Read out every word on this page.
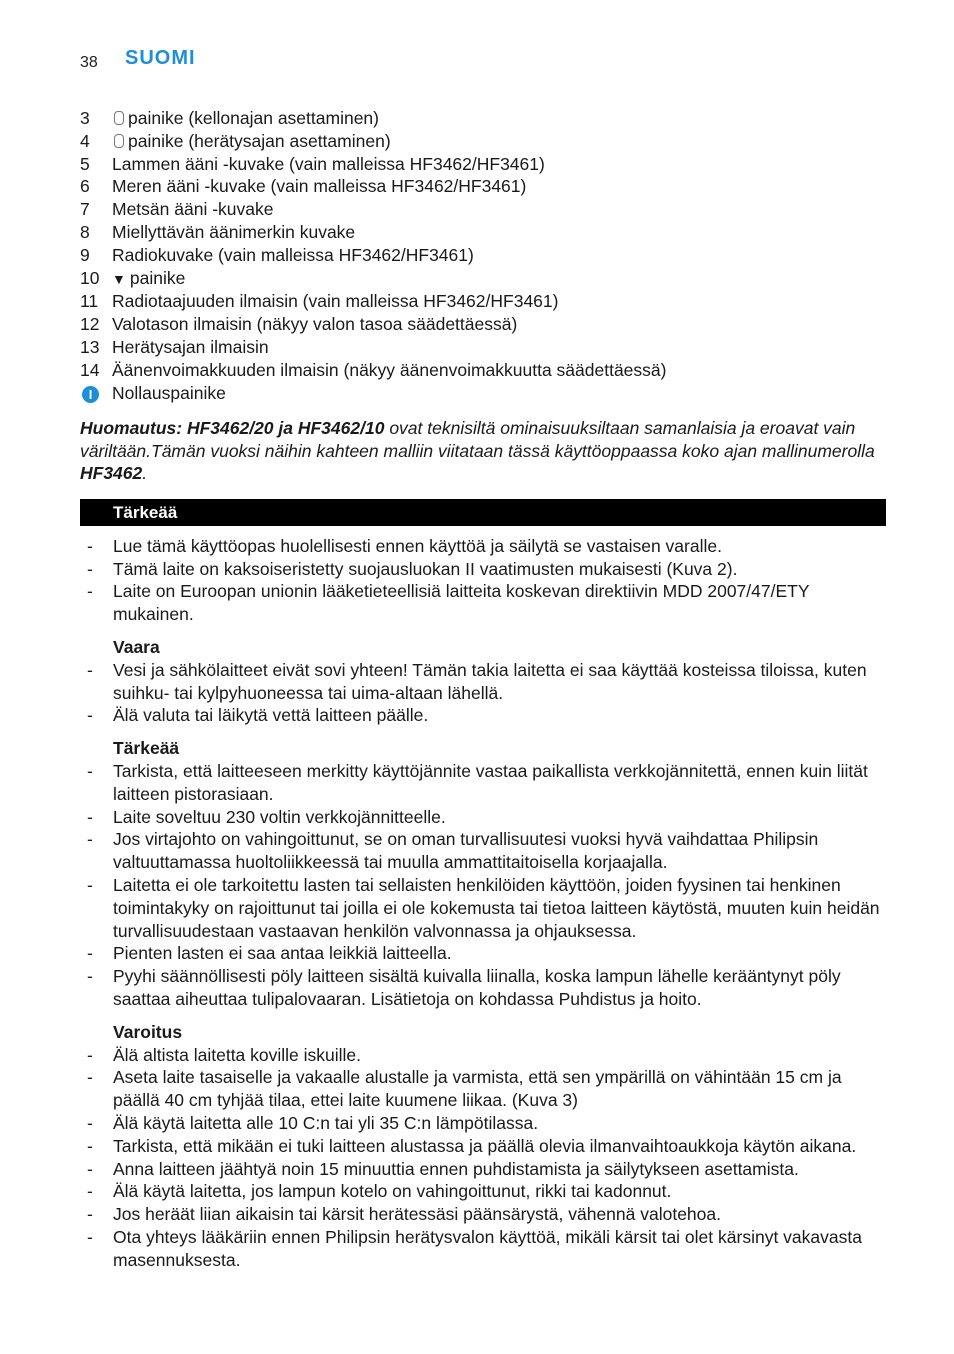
38 SUOMI
3	painike (kellonajan asettaminen)
4	painike (herätysajan asettaminen)
5	Lammen ääni -kuvake (vain malleissa HF3462/HF3461)
6	Meren ääni -kuvake (vain malleissa HF3462/HF3461)
7	Metsän ääni -kuvake
8	Miellyttävän äänimerkin kuvake
9	Radiokuvake (vain malleissa HF3462/HF3461)
10 ▼ painike
11 Radiotaajuuden ilmaisin (vain malleissa HF3462/HF3461)
12 Valotason ilmaisin (näkyy valon tasoa säädettäessä)
13 Herätysajan ilmaisin
14 Äänenvoimakkuuden ilmaisin (näkyy äänenvoimakkuutta säädettäessä)
I	Nollauspainike
Huomautus: HF3462/20 ja HF3462/10 ovat teknisiltä ominaisuuksiltaan samanlaisia ja eroavat vain väriltään.Tämän vuoksi näihin kahteen malliin viitataan tässä käyttöoppaassa koko ajan mallinumerolla HF3462.
Tärkeää
- Lue tämä käyttöopas huolellisesti ennen käyttöä ja säilytä se vastaisen varalle.
- Tämä laite on kaksoiseristetty suojausluokan II vaatimusten mukaisesti (Kuva 2).
- Laite on Euroopan unionin lääketieteellisiä laitteita koskevan direktiivin MDD 2007/47/ETY mukainen.
Vaara
- Vesi ja sähkölaitteet eivät sovi yhteen! Tämän takia laitetta ei saa käyttää kosteissa tiloissa, kuten suihku- tai kylpyhuoneessa tai uima-altaan lähellä.
- Älä valuta tai läikytä vettä laitteen päälle.
Tärkeää
- Tarkista, että laitteeseen merkitty käyttöjännite vastaa paikallista verkkojännitettä, ennen kuin liität laitteen pistorasiaan.
- Laite soveltuu 230 voltin verkkojännitteelle.
- Jos virtajohto on vahingoittunut, se on oman turvallisuutesi vuoksi hyvä vaihdattaa Philipsin valtuuttamassa huoltoliikkeessä tai muulla ammattitaitoisella korjaajalla.
- Laitetta ei ole tarkoitettu lasten tai sellaisten henkilöiden käyttöön, joiden fyysinen tai henkinen toimintakyky on rajoittunut tai joilla ei ole kokemusta tai tietoa laitteen käytöstä, muuten kuin heidän turvallisuudestaan vastaavan henkilön valvonnassa ja ohjauksessa.
- Pienten lasten ei saa antaa leikkiä laitteella.
- Pyyhi säännöllisesti pöly laitteen sisältä kuivalla liinalla, koska lampun lähelle kerääntynyt pöly saattaa aiheuttaa tulipalovaaran. Lisätietoja on kohdassa Puhdistus ja hoito.
Varoitus
- Älä altista laitetta koville iskuille.
- Aseta laite tasaiselle ja vakaalle alustalle ja varmista, että sen ympärillä on vähintään 15 cm ja päällä 40 cm tyhjää tilaa, ettei laite kuumene liikaa. (Kuva 3)
- Älä käytä laitetta alle 10 C:n tai yli 35 C:n lämpötilassa.
- Tarkista, että mikään ei tuki laitteen alustassa ja päällä olevia ilmanvaihtoaukkoja käytön aikana.
- Anna laitteen jäähtyä noin 15 minuuttia ennen puhdistamista ja säilytykseen asettamista.
- Älä käytä laitetta, jos lampun kotelo on vahingoittunut, rikki tai kadonnut.
- Jos heräät liian aikaisin tai kärsit herätessäsi päänsärystä, vähennä valotehoa.
- Ota yhteys lääkäriin ennen Philipsin herätysvalon käyttöä, mikäli kärsit tai olet kärsinyt vakavasta masennuksesta.
